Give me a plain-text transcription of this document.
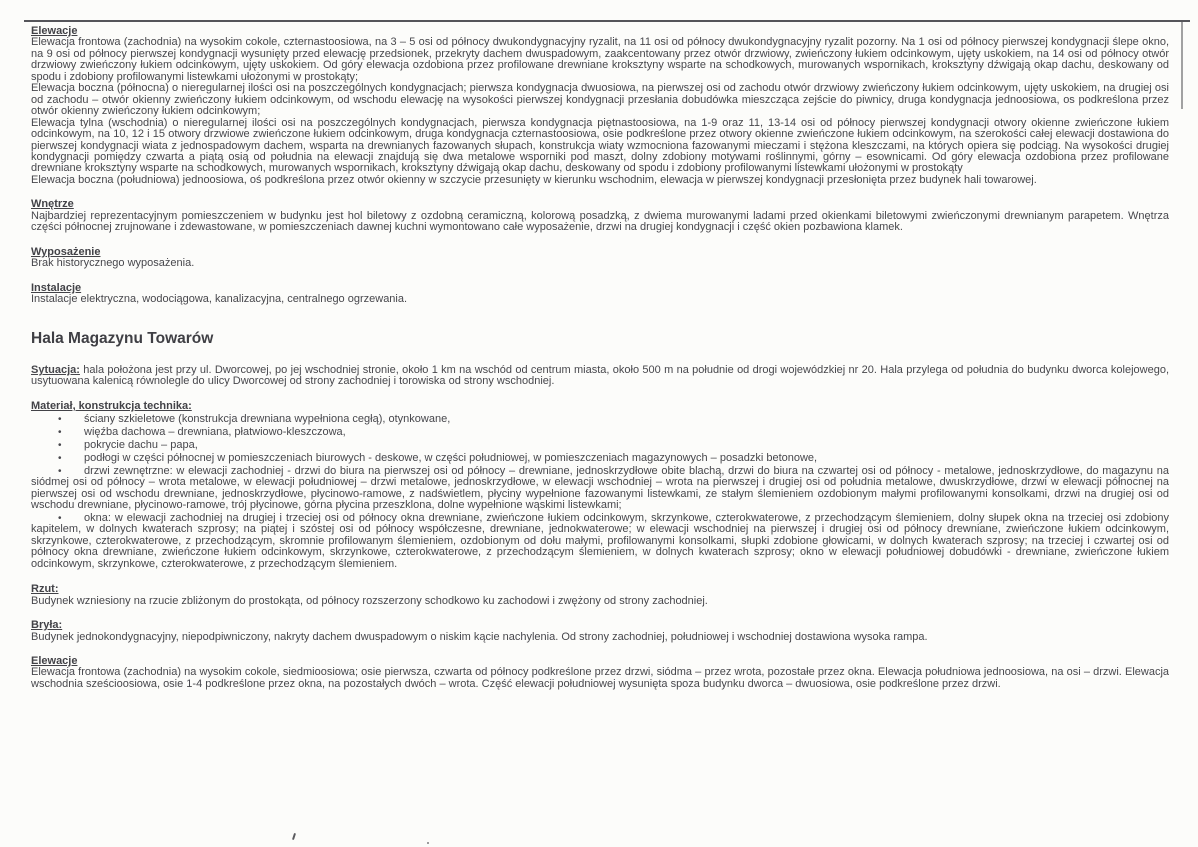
Elewacje

Elewacja frontowa (zachodnia) na wysokim cokole, czternastoosiowa, na 3 – 5 osi od północy dwukondygnacyjny ryzalit, na 11 osi od północy dwukondygnacyjny ryzalit pozorny. Na 1 osi od północy pierwszej kondygnacji ślepe okno, na 9 osi od północy pierwszej kondygnacji wysunięty przed elewację przedsionek, przekryty dachem dwuspadowym, zaakcentowany przez otwór drzwiowy, zwieńczony łukiem odcinkowym, ujęty uskokiem, na 14 osi od północy otwór drzwiowy zwieńczony łukiem odcinkowym, ujęty uskokiem. Od góry elewacja ozdobiona przez profilowane drewniane kroksztyny wsparte na schodkowych, murowanych wspornikach, kroksztyny dźwigają okap dachu, deskowany od spodu i zdobiony profilowanymi listewkami ułożonymi w prostokąty;

Elewacja boczna (północna) o nieregularnej ilości osi na poszczególnych kondygnacjach; pierwsza kondygnacja dwuosiowa, na pierwszej osi od zachodu otwór drzwiowy zwieńczony łukiem odcinkowym, ujęty uskokiem, na drugiej osi od zachodu – otwór okienny zwieńczony łukiem odcinkowym, od wschodu elewację na wysokości pierwszej kondygnacji przesłania dobudówka mieszcząca zejście do piwnicy, druga kondygnacja jednoosiowa, os podkreślona przez otwór okienny zwieńczony łukiem odcinkowym;

Elewacja tylna (wschodnia) o nieregularnej ilości osi na poszczególnych kondygnacjach, pierwsza kondygnacja piętnastoosiowa, na 1-9 oraz 11, 13-14 osi od północy pierwszej kondygnacji otwory okienne zwieńczone łukiem odcinkowym, na 10, 12 i 15 otwory drzwiowe zwieńczone łukiem odcinkowym, druga kondygnacja czternastoosiowa, osie podkreślone przez otwory okienne zwieńczone łukiem odcinkowym, na szerokości całej elewacji dostawiona do pierwszej kondygnacji wiata z jednospadowym dachem, wsparta na drewnianych fazowanych słupach, konstrukcja wiaty wzmocniona fazowanymi mieczami i stężona kleszczami, na których opiera się podciąg. Na wysokości drugiej kondygnacji pomiędzy czwarta a piątą osią od południa na elewacji znajdują się dwa metalowe wsporniki pod maszt, dolny zdobiony motywami roślinnymi, górny – esownicami. Od góry elewacja ozdobiona przez profilowane drewniane kroksztyny wsparte na schodkowych, murowanych wspornikach, kroksztyny dźwigają okap dachu, deskowany od spodu i zdobiony profilowanymi listewkami ułożonymi w prostokąty

Elewacja boczna (południowa) jednoosiowa, oś podkreślona przez otwór okienny w szczycie przesunięty w kierunku wschodnim, elewacja w pierwszej kondygnacji przesłonięta przez budynek hali towarowej.

Wnętrze

Najbardziej reprezentacyjnym pomieszczeniem w budynku jest hol biletowy z ozdobną ceramiczną, kolorową posadzką, z dwiema murowanymi ladami przed okienkami biletowymi zwieńczonymi drewnianym parapetem. Wnętrza części północnej zrujnowane i zdewastowane, w pomieszczeniach dawnej kuchni wymontowano całe wyposażenie, drzwi na drugiej kondygnacji i część okien pozbawiona klamek.

Wyposażenie

Brak historycznego wyposażenia.

Instalacje

Instalacje elektryczna, wodociągowa, kanalizacyjna, centralnego ogrzewania.

Hala Magazynu Towarów

Sytuacja: hala położona jest przy ul. Dworcowej, po jej wschodniej stronie, około 1 km na wschód od centrum miasta, około 500 m na południe od drogi wojewódzkiej nr 20. Hala przylega od południa do budynku dworca kolejowego, usytuowana kalenicą równolegle do ulicy Dworcowej od strony zachodniej i torowiska od strony wschodniej.

Materiał, konstrukcja technika:

• ściany szkieletowe (konstrukcja drewniana wypełniona cegłą), otynkowane,

• więźba dachowa – drewniana, płatwiowo-kleszczowa,

• pokrycie dachu – papa,

• podłogi w części północnej w pomieszczeniach biurowych - deskowe, w części południowej, w pomieszczeniach magazynowych – posadzki betonowe,

• drzwi zewnętrzne: w elewacji zachodniej - drzwi do biura na pierwszej osi od północy – drewniane, jednoskrzydłowe obite blachą, drzwi do biura na czwartej osi od północy - metalowe, jednoskrzydłowe, do magazynu na siódmej osi od północy – wrota metalowe, w elewacji południowej – drzwi metalowe, jednoskrzydłowe, w elewacji wschodniej – wrota na pierwszej i drugiej osi od południa metalowe, dwuskrzydłowe, drzwi w elewacji północnej na pierwszej osi od wschodu drewniane, jednoskrzydłowe, płycinowo-ramowe, z nadświetlem, płyciny wypełnione fazowanymi listewkami, ze stałym ślemieniem ozdobionym małymi profilowanymi konsolkami, drzwi na drugiej osi od wschodu drewniane, płycinowo-ramowe, trój płycinowe, górna płycina przeszklona, dolne wypełnione wąskimi listewkami;

• okna: w elewacji zachodniej na drugiej i trzeciej osi od północy okna drewniane, zwieńczone łukiem odcinkowym, skrzynkowe, czterokwaterowe, z przechodzącym ślemieniem, dolny słupek okna na trzeciej osi zdobiony kapitelem, w dolnych kwaterach szprosy; na piątej i szóstej osi od północy współczesne, drewniane, jednokwaterowe; w elewacji wschodniej na pierwszej i drugiej osi od północy drewniane, zwieńczone łukiem odcinkowym, skrzynkowe, czterokwaterowe, z przechodzącym, skromnie profilowanym ślemieniem, ozdobionym od dołu małymi, profilowanymi konsolkami, słupki zdobione głowicami, w dolnych kwaterach szprosy; na trzeciej i czwartej osi od północy okna drewniane, zwieńczone łukiem odcinkowym, skrzynkowe, czterokwaterowe, z przechodzącym ślemieniem, w dolnych kwaterach szprosy; okno w elewacji południowej dobudówki - drewniane, zwieńczone łukiem odcinkowym, skrzynkowe, czterokwaterowe, z przechodzącym ślemieniem.

Rzut:

Budynek wzniesiony na rzucie zbliżonym do prostokąta, od północy rozszerzony schodkowo ku zachodowi i zwężony od strony zachodniej.

Bryła:

Budynek jednokondygnacyjny, niepodpiwniczony, nakryty dachem dwuspadowym o niskim kącie nachylenia. Od strony zachodniej, południowej i wschodniej dostawiona wysoka rampa.

Elewacje

Elewacja frontowa (zachodnia) na wysokim cokole, siedmioosiowa; osie pierwsza, czwarta od północy podkreślone przez drzwi, siódma – przez wrota, pozostałe przez okna. Elewacja południowa jednoosiowa, na osi – drzwi. Elewacja wschodnia sześcioosiowa, osie 1-4 podkreślone przez okna, na pozostałych dwóch – wrota. Część elewacji południowej wysunięta spoza budynku dworca – dwuosiowa, osie podkreślone przez drzwi.
